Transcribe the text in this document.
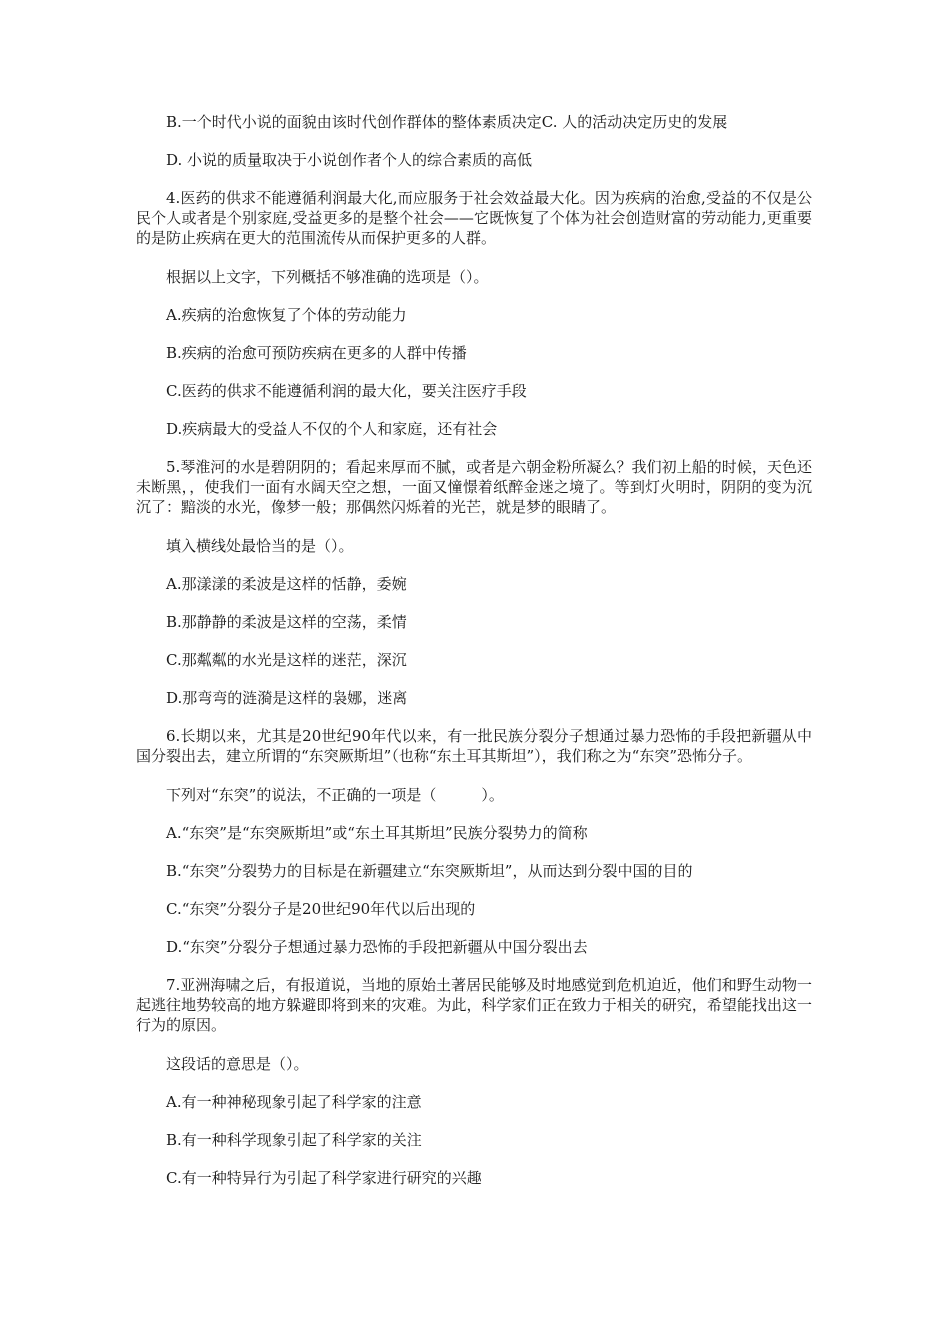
B.一个时代小说的面貌由该时代创作群体的整体素质决定C. 人的活动决定历史的发展

D. 小说的质量取决于小说创作者个人的综合素质的高低

4.医药的供求不能遵循利润最大化,而应服务于社会效益最大化。因为疾病的治愈,受益的不仅是公民个人或者是个别家庭,受益更多的是整个社会——它既恢复了个体为社会创造财富的劳动能力,更重要的是防止疾病在更大的范围流传从而保护更多的人群。

根据以上文字，下列概括不够准确的选项是（）。

A.疾病的治愈恢复了个体的劳动能力

B.疾病的治愈可预防疾病在更多的人群中传播

C.医药的供求不能遵循利润的最大化，要关注医疗手段

D.疾病最大的受益人不仅的个人和家庭，还有社会

5.琴淮河的水是碧阴阴的；看起来厚而不腻，或者是六朝金粉所凝么？我们初上船的时候，天色还未断黑，，使我们一面有水阔天空之想，一面又憧憬着纸醉金迷之境了。等到灯火明时，阴阴的变为沉沉了：黯淡的水光，像梦一般；那偶然闪烁着的光芒，就是梦的眼睛了。

填入横线处最恰当的是（）。

A.那漾漾的柔波是这样的恬静，委婉

B.那静静的柔波是这样的空荡，柔情

C.那粼粼的水光是这样的迷茫，深沉

D.那弯弯的涟漪是这样的袅娜，迷离

6.长期以来，尤其是20世纪90年代以来，有一批民族分裂分子想通过暴力恐怖的手段把新疆从中国分裂出去，建立所谓的“东突厥斯坦”（也称“东土耳其斯坦”），我们称之为“东突”恐怖分子。

下列对“东突”的说法，不正确的一项是（　　　）。

A.“东突”是“东突厥斯坦”或“东土耳其斯坦”民族分裂势力的简称

B.“东突”分裂势力的目标是在新疆建立“东突厥斯坦”，从而达到分裂中国的目的

C.“东突”分裂分子是20世纪90年代以后出现的

D.“东突”分裂分子想通过暴力恐怖的手段把新疆从中国分裂出去

7.亚洲海啸之后，有报道说，当地的原始土著居民能够及时地感觉到危机迫近，他们和野生动物一起逃往地势较高的地方躲避即将到来的灾难。为此，科学家们正在致力于相关的研究，希望能找出这一行为的原因。

这段话的意思是（）。

A.有一种神秘现象引起了科学家的注意

B.有一种科学现象引起了科学家的关注

C.有一种特异行为引起了科学家进行研究的兴趣
